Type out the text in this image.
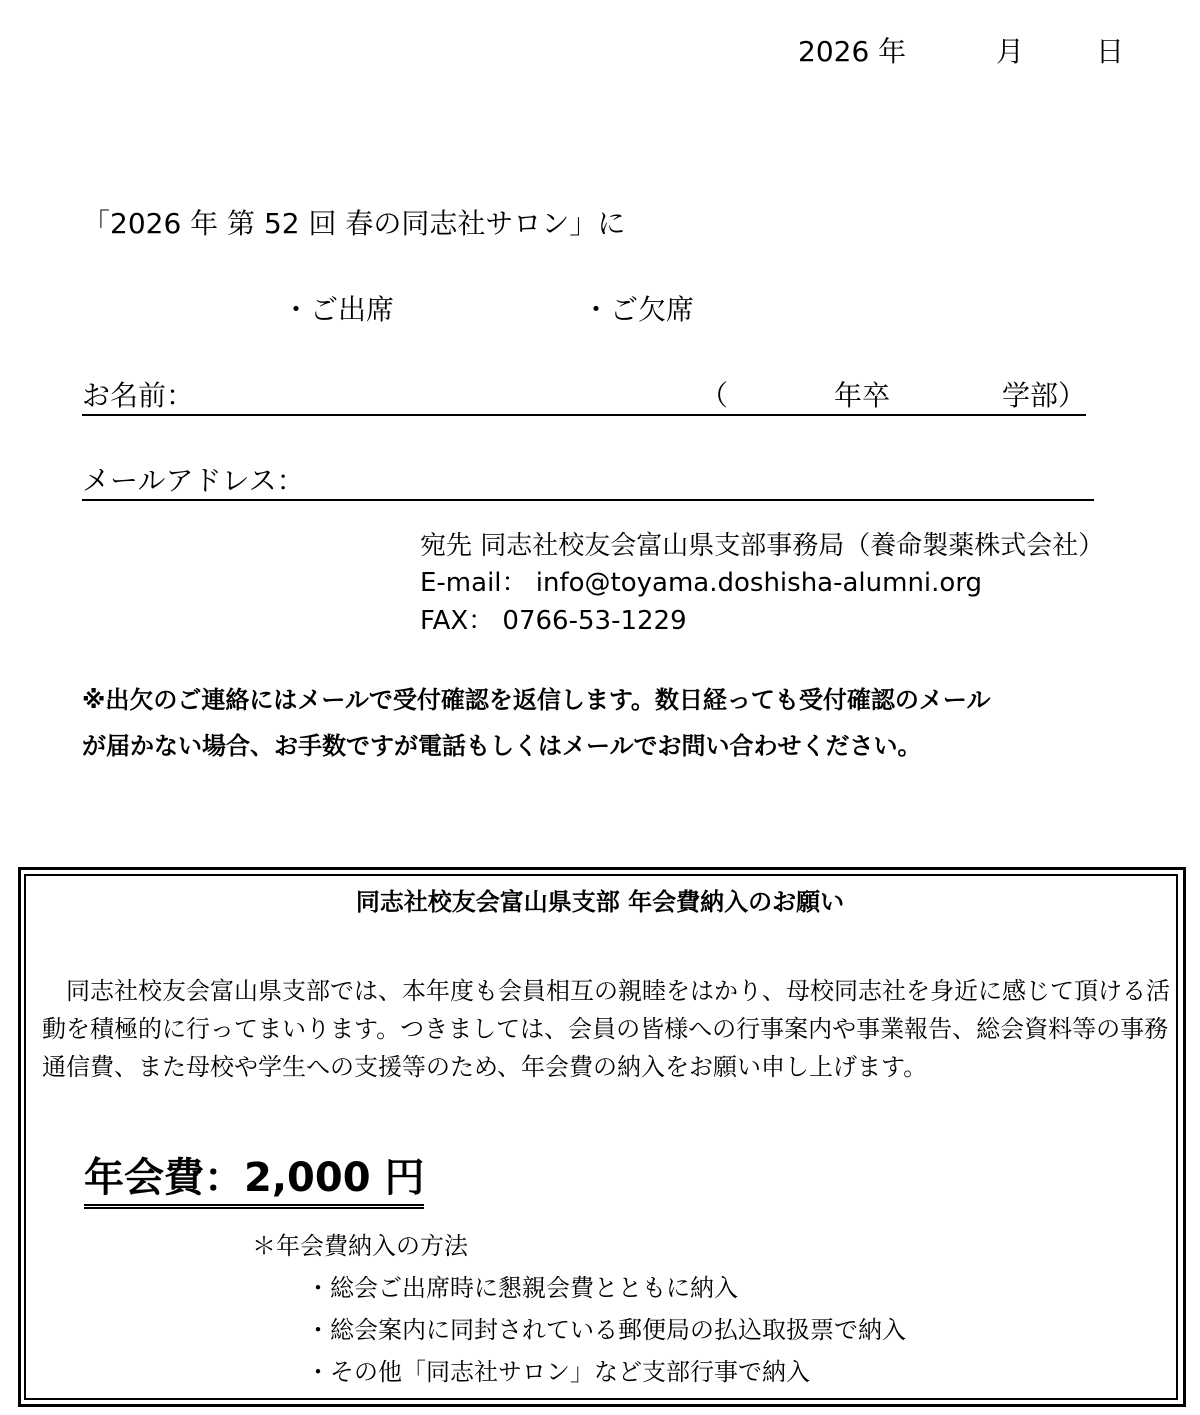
2026 年	月	日
「2026 年 第 52 回 春の同志社サロン」に
・ご出席	・ご欠席
お名前：	（	年卒	学部）
メールアドレス：
宛先 同志社校友会富山県支部事務局（養命製薬株式会社）
E-mail： info@toyama.doshisha-alumni.org
FAX： 0766-53-1229
※出欠のご連絡にはメールで受付確認を返信します。数日経っても受付確認のメール
が届かない場合、お手数ですが電話もしくはメールでお問い合わせください。
同志社校友会富山県支部 年会費納入のお願い
同志社校友会富山県支部では、本年度も会員相互の親睦をはかり、母校同志社を身近に感じて頂ける活動を積極的に行ってまいります。つきましては、会員の皆様への行事案内や事業報告、総会資料等の事務通信費、また母校や学生への支援等のため、年会費の納入をお願い申し上げます。
年会費：2,000 円
＊年会費納入の方法
・総会ご出席時に懇親会費とともに納入
・総会案内に同封されている郵便局の払込取扱票で納入
・その他「同志社サロン」など支部行事で納入
